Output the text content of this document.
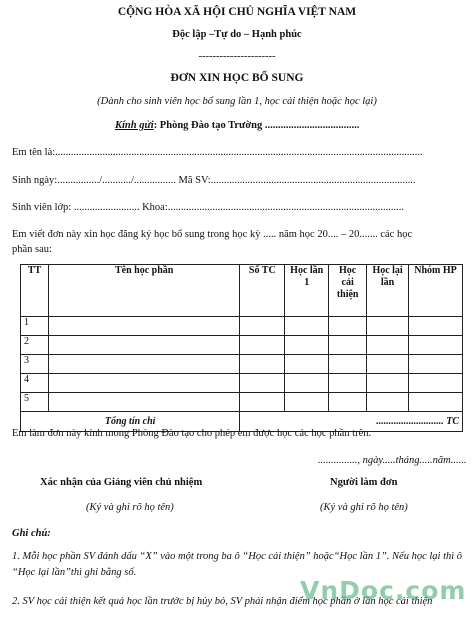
CỘNG HÒA XÃ HỘI CHỦ NGHĨA VIỆT NAM
Độc lập –Tự do – Hạnh phúc
----------------------
ĐƠN XIN HỌC BỔ SUNG
(Dành cho sinh viên học bổ sung lần 1, học cải thiện hoặc học lại)
Kính gửi: Phòng Đào tạo Trường ....................................
Em tên là:............................................................................................................................................
Sinh ngày:................/.........../................ Mã SV:..............................................................................
Sinh viên lớp: ......................... Khoa:..........................................................................................
Em viết đơn này xin học đăng ký học bổ sung trong học kỳ ..... năm học 20.... – 20....... các học
phần sau:
TT	Tên học phần	Số TC	Học lần 1	Học cải thiện	Học lại lần	Nhóm HP
1						
2						
3						
4						
5						
Tổng tín chỉ				........................... TC		
Em làm đơn này kính mong Phòng Đào tạo cho phép em được học các học phần trên.
..............., ngày.....tháng.....năm......
Xác nhận của Giảng viên chủ nhiệm
(Ký và ghi rõ họ tên)
Người làm đơn
(Ký và ghi rõ họ tên)
Ghi chú:
1. Mỗi học phần SV đánh dấu “X” vào một trong ba ô “Học cải thiện” hoặc“Học lần 1”. Nếu học lại thì ô “Học lại lần”thì ghi bằng số.
2. SV học cải thiện kết quả học lần trước bị hủy bỏ, SV phải nhận điểm học phần ở lần học cải thiện
VnDoc.com
